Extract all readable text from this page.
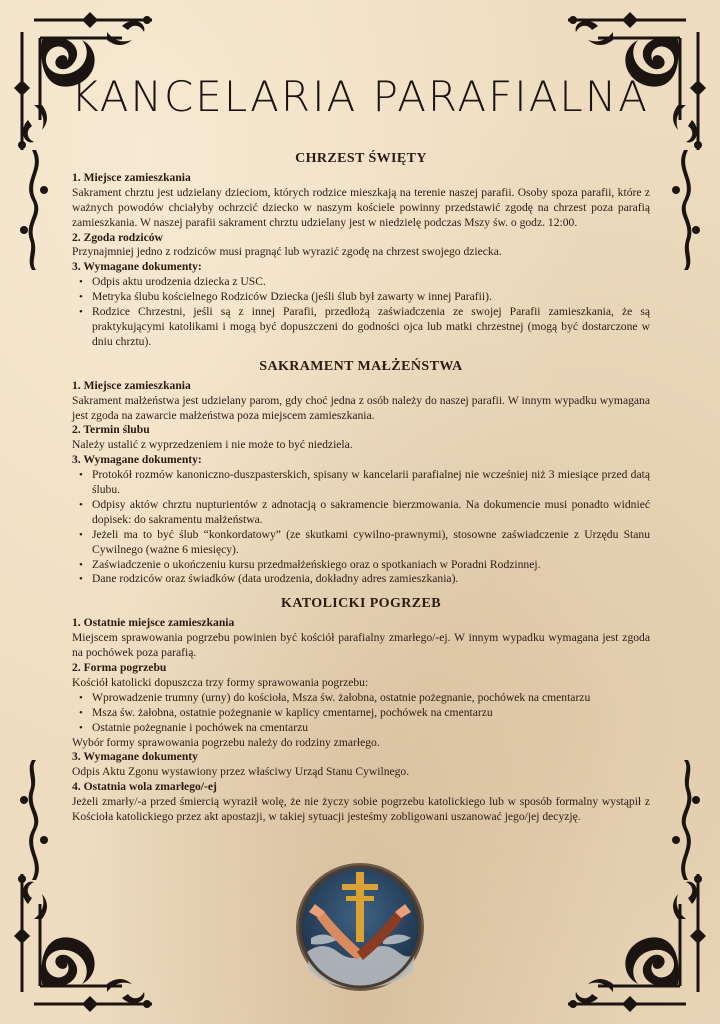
KANCELARIA PARAFIALNA
CHRZEST ŚWIĘTY
1. Miejsce zamieszkania

Sakrament chrztu jest udzielany dzieciom, których rodzice mieszkają na terenie naszej parafii. Osoby spoza parafii, które z ważnych powodów chciałyby ochrzcić dziecko w naszym kościele powinny przedstawić zgodę na chrzest poza parafią zamieszkania. W naszej parafii sakrament chrztu udzielany jest w niedzielę podczas Mszy św. o godz. 12:00.

2. Zgoda rodziców

Przynajmniej jedno z rodziców musi pragnąć lub wyrazić zgodę na chrzest swojego dziecka.

3. Wymagane dokumenty:
• Odpis aktu urodzenia dziecka z USC.
• Metryka ślubu kościelnego Rodziców Dziecka (jeśli ślub był zawarty w innej Parafii).
• Rodzice Chrzestni, jeśli są z innej Parafii, przedłożą zaświadczenia ze swojej Parafii zamieszkania, że są praktykującymi katolikami i mogą być dopuszczeni do godności ojca lub matki chrzestnej (mogą być dostarczone w dniu chrztu).
SAKRAMENT MAŁŻEŃSTWA
1. Miejsce zamieszkania

Sakrament małżeństwa jest udzielany parom, gdy choć jedna z osób należy do naszej parafii. W innym wypadku wymagana jest zgoda na zawarcie małżeństwa poza miejscem zamieszkania.

2. Termin ślubu

Należy ustalić z wyprzedzeniem i nie może to być niedziela.

3. Wymagane dokumenty:
• Protokół rozmów kanoniczno-duszpasterskich, spisany w kancelarii parafialnej nie wcześniej niż 3 miesiące przed datą ślubu.
• Odpisy aktów chrztu nupturientów z adnotacją o sakramencie bierzmowania. Na dokumencie musi ponadto widnieć dopisek: do sakramentu małżeństwa.
• Jeżeli ma to być ślub “konkordatowy” (ze skutkami cywilno-prawnymi), stosowne zaświadczenie z Urzędu Stanu Cywilnego (ważne 6 miesięcy).
• Zaświadczenie o ukończeniu kursu przedmałżeńskiego oraz o spotkaniach w Poradni Rodzinnej.
• Dane rodziców oraz świadków (data urodzenia, dokładny adres zamieszkania).
KATOLICKI POGRZEB
1. Ostatnie miejsce zamieszkania

Miejscem sprawowania pogrzebu powinien być kościół parafialny zmarłego/-ej. W innym wypadku wymagana jest zgoda na pochówek poza parafią.

2. Forma pogrzebu

Kościół katolicki dopuszcza trzy formy sprawowania pogrzebu:

• Wprowadzenie trumny (urny) do kościoła, Msza św. żałobna, ostatnie pożegnanie, pochówek na cmentarzu
• Msza św. żałobna, ostatnie pożegnanie w kaplicy cmentarnej, pochówek na cmentarzu
• Ostatnie pożegnanie i pochówek na cmentarzu

Wybór formy sprawowania pogrzebu należy do rodziny zmarłego.

3. Wymagane dokumenty

Odpis Aktu Zgonu wystawiony przez właściwy Urząd Stanu Cywilnego.

4. Ostatnia wola zmarłego/-ej

Jeżeli zmarły/-a przed śmiercią wyraził wolę, że nie życzy sobie pogrzebu katolickiego lub w sposób formalny wystąpił z Kościoła katolickiego przez akt apostazji, w takiej sytuacji jesteśmy zobligowani uszanować jego/jej decyzję.
